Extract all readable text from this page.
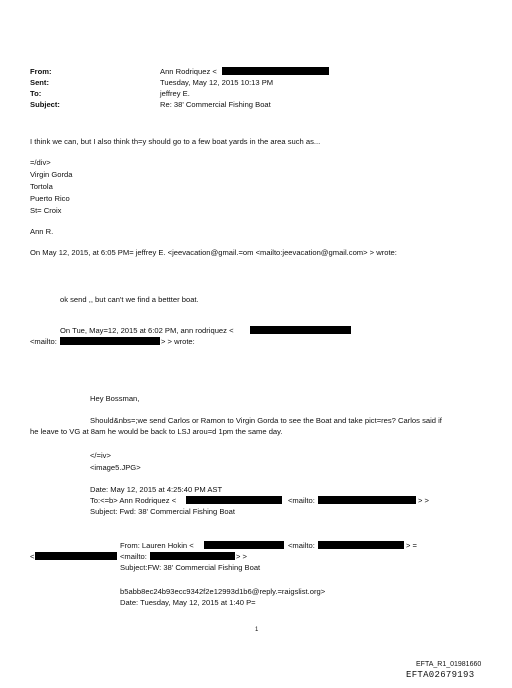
From:	Ann Rodriquez <
Sent:	Tuesday, May 12, 2015 10:13 PM
To:	jeffrey E.
Subject:	Re: 38' Commercial Fishing Boat
I think we can, but I also think th=y should go to a few boat yards in the area such as...
=/div>
Virgin Gorda
Tortola
Puerto Rico
St= Croix
Ann R.
On May 12, 2015, at 6:05 PM= jeffrey E. <jeevacation@gmail.=om <mailto:jeevacation@gmail.com> > wrote:
ok send ,, but can't we find a bettter boat.
On Tue, May=12, 2015 at 6:02 PM, ann rodriquez <
<mailto:	> > wrote:
Hey Bossman,
Should&nbs=;we send Carlos or Ramon to Virgin Gorda to see the Boat and take pict=res? Carlos said if
he leave to VG at 8am he would be back to LSJ arou=d 1pm the same day.
</=iv>
<image5.JPG>
Date: May 12, 2015 at 4:25:40 PM AST
To:<=b> Ann Rodriquez <	<mailto:	> >
Subject: Fwd: 38' Commercial Fishing Boat
From: Lauren Hokin <	<mailto:	> =
<	<mailto:	> >
Subject:FW: 38' Commercial Fishing Boat
b5abb8ec24b93ecc9342f2e12993d1b6@reply.=raigslist.org>
Date: Tuesday, May 12, 2015 at 1:40 P=
1
EFTA_R1_01981660
EFTA02679193
